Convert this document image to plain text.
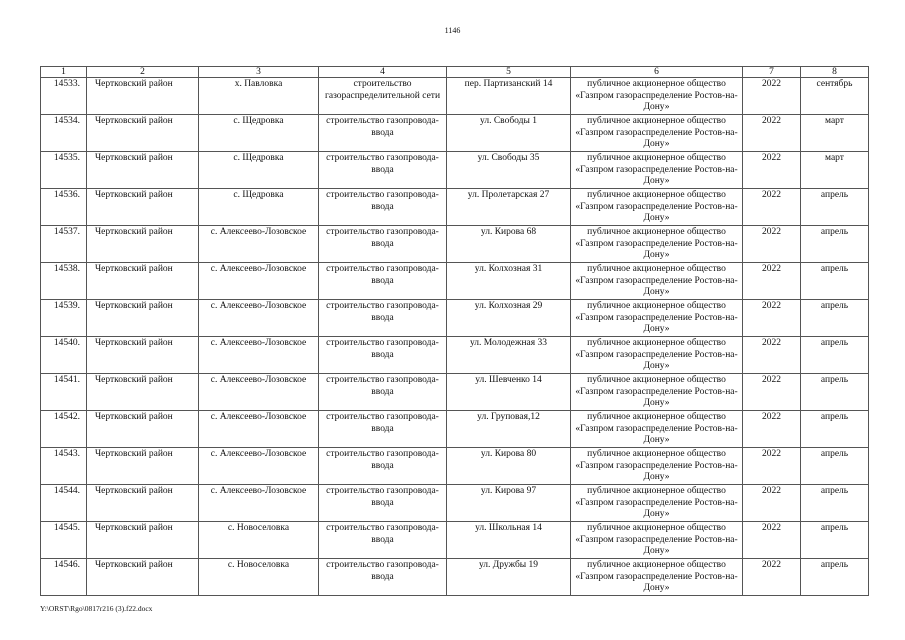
1146
1	2	3	4	5	6	7	8
14533.	Чертковский район	х. Павловка	строительство газораспределительной сети	пер. Партизанский 14	публичное акционерное общество «Газпром газораспределение Ростов-на-Дону»	2022	сентябрь
14534.	Чертковский район	с. Щедровка	строительство газопровода-ввода	ул. Свободы 1	публичное акционерное общество «Газпром газораспределение Ростов-на-Дону»	2022	март
14535.	Чертковский район	с. Щедровка	строительство газопровода-ввода	ул. Свободы 35	публичное акционерное общество «Газпром газораспределение Ростов-на-Дону»	2022	март
14536.	Чертковский район	с. Щедровка	строительство газопровода-ввода	ул. Пролетарская 27	публичное акционерное общество «Газпром газораспределение Ростов-на-Дону»	2022	апрель
14537.	Чертковский район	с. Алексеево-Лозовское	строительство газопровода-ввода	ул. Кирова 68	публичное акционерное общество «Газпром газораспределение Ростов-на-Дону»	2022	апрель
14538.	Чертковский район	с. Алексеево-Лозовское	строительство газопровода-ввода	ул. Колхозная 31	публичное акционерное общество «Газпром газораспределение Ростов-на-Дону»	2022	апрель
14539.	Чертковский район	с. Алексеево-Лозовское	строительство газопровода-ввода	ул. Колхозная 29	публичное акционерное общество «Газпром газораспределение Ростов-на-Дону»	2022	апрель
14540.	Чертковский район	с. Алексеево-Лозовское	строительство газопровода-ввода	ул. Молодежная 33	публичное акционерное общество «Газпром газораспределение Ростов-на-Дону»	2022	апрель
14541.	Чертковский район	с. Алексеево-Лозовское	строительство газопровода-ввода	ул. Шевченко 14	публичное акционерное общество «Газпром газораспределение Ростов-на-Дону»	2022	апрель
14542.	Чертковский район	с. Алексеево-Лозовское	строительство газопровода-ввода	ул. Груповая,12	публичное акционерное общество «Газпром газораспределение Ростов-на-Дону»	2022	апрель
14543.	Чертковский район	с. Алексеево-Лозовское	строительство газопровода-ввода	ул. Кирова 80	публичное акционерное общество «Газпром газораспределение Ростов-на-Дону»	2022	апрель
14544.	Чертковский район	с. Алексеево-Лозовское	строительство газопровода-ввода	ул. Кирова 97	публичное акционерное общество «Газпром газораспределение Ростов-на-Дону»	2022	апрель
14545.	Чертковский район	с. Новоселовка	строительство газопровода-ввода	ул. Школьная 14	публичное акционерное общество «Газпром газораспределение Ростов-на-Дону»	2022	апрель
14546.	Чертковский район	с. Новоселовка	строительство газопровода-ввода	ул. Дружбы 19	публичное акционерное общество «Газпром газораспределение Ростов-на-Дону»	2022	апрель
Y:\ORST\Rgo\0817r216 (3).f22.docx
